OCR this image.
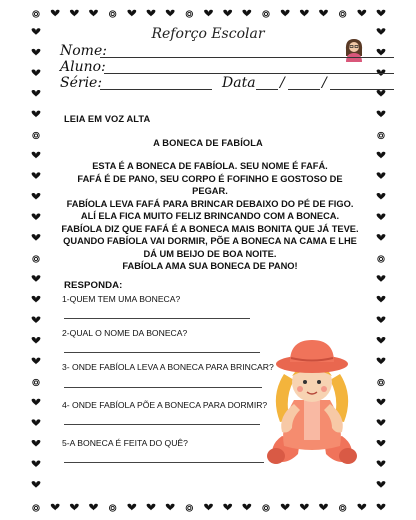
Reforço Escolar
Nome:
Aluno:
Série:	Data /	/
LEIA EM VOZ ALTA
A BONECA DE FABÍOLA
ESTA É A BONECA DE FABÍOLA. SEU NOME É FAFÁ.
FAFÁ É DE PANO, SEU CORPO É FOFINHO E GOSTOSO DE PEGAR.
FABÍOLA LEVA FAFÁ PARA BRINCAR DEBAIXO DO PÉ DE FIGO.
ALÍ ELA FICA MUITO FELIZ BRINCANDO COM A BONECA.
FABÍOLA DIZ QUE FAFÁ É A BONECA MAIS BONITA QUE JÁ TEVE.
QUANDO FABÍOLA VAI DORMIR, PÕE A BONECA NA CAMA E LHE
DÁ UM BEIJO DE BOA NOITE.
FABÍOLA AMA SUA BONECA DE PANO!
RESPONDA:
1-QUEM TEM UMA BONECA?
2-QUAL O NOME DA BONECA?
3- ONDE FABÍOLA LEVA A BONECA PARA BRINCAR?
4- ONDE FABÍOLA PÕE A BONECA PARA DORMIR?
5-A BONECA É FEITA DO QUÊ?
